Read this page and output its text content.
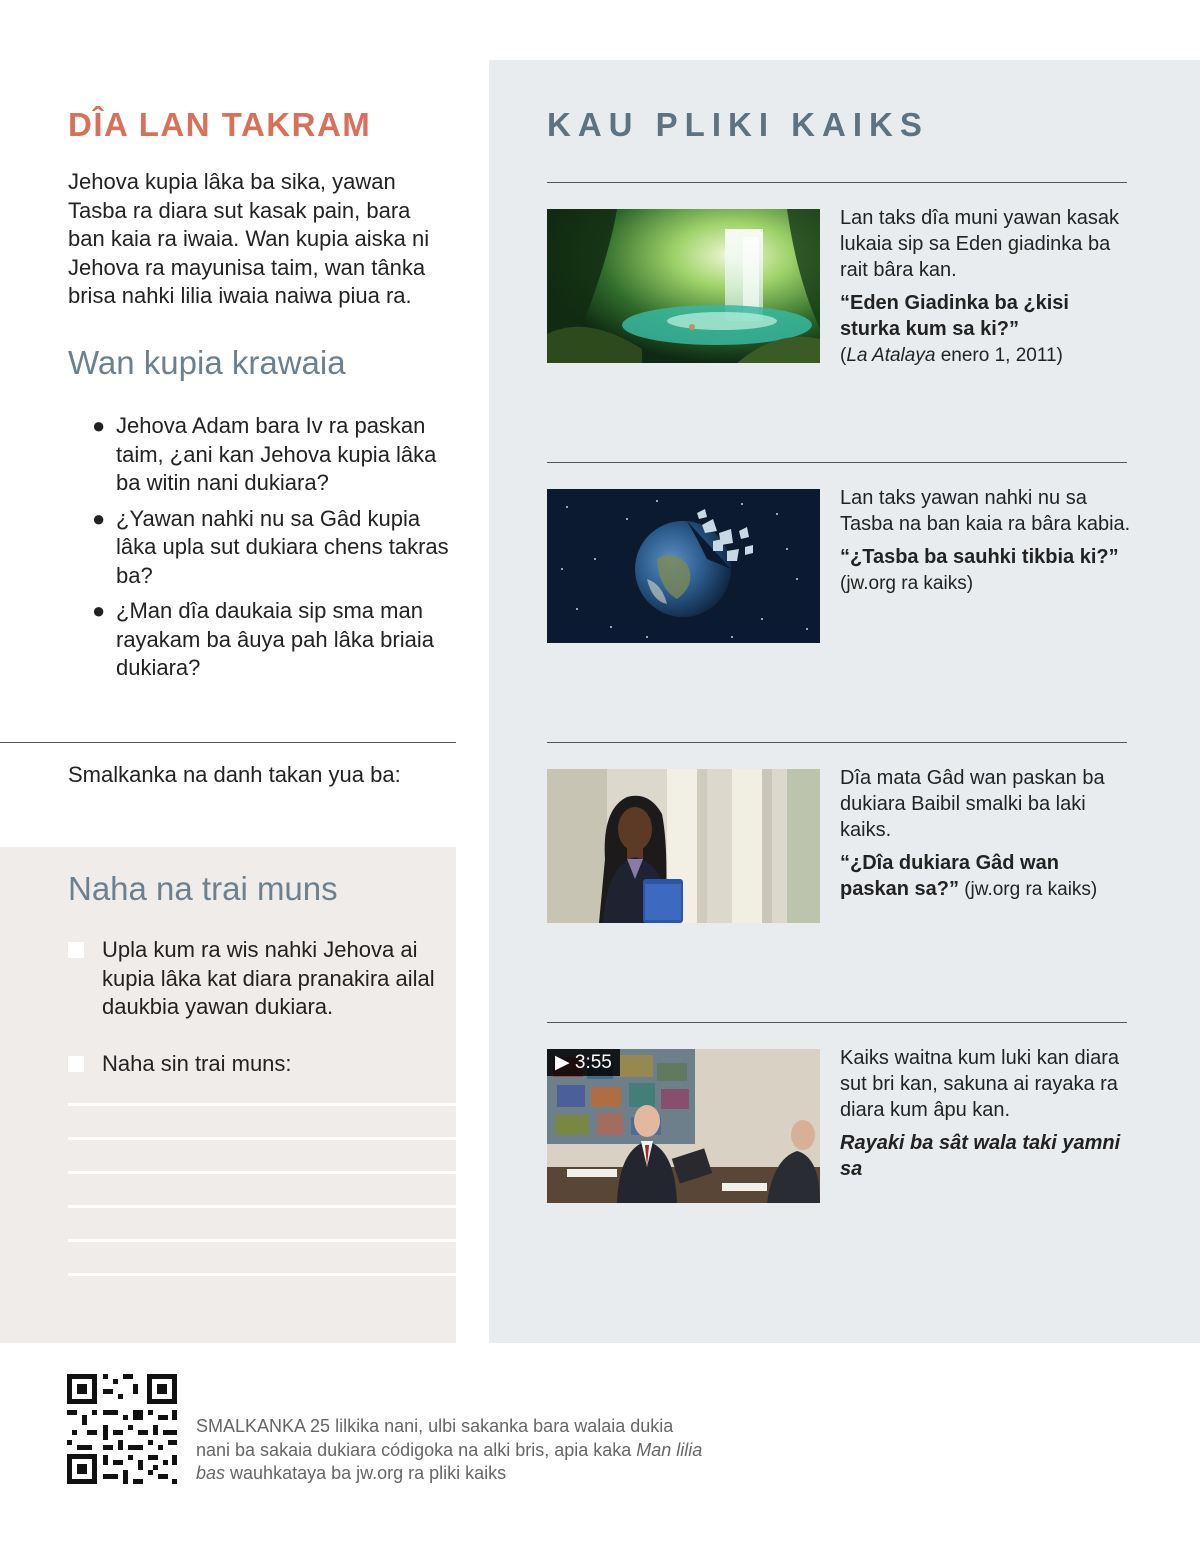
DÎA LAN TAKRAM

Jehova kupia lâka ba sika, yawan Tasba ra diara sut kasak pain, bara ban kaia ra iwaia. Wan kupia aiska ni Jehova ra mayunisa taim, wan tânka brisa nahki lilia iwaia naiwa piua ra.

Wan kupia krawaia
● Jehova Adam bara Iv ra paskan taim, ¿ani kan Jehova kupia lâka ba witin nani dukiara?
● ¿Yawan nahki nu sa Gâd kupia lâka upla sut dukiara chens takras ba?
● ¿Man dîa daukaia sip sma man rayakam ba âuya pah lâka briaia dukiara?

Smalkanka na danh takan yua ba:

Naha na trai muns
Upla kum ra wis nahki Jehova ai kupia lâka kat diara pranakira ailal daukbia yawan dukiara.
Naha sin trai muns:
KAU PLIKI KAIKS
Lan taks dîa muni yawan kasak lukaia sip sa Eden giadinka ba rait bâra kan.
“Eden Giadinka ba ¿kisi sturka kum sa ki?”
(La Atalaya enero 1, 2011)
Lan taks yawan nahki nu sa Tasba na ban kaia ra bâra kabia.
“¿Tasba ba sauhki tikbia ki?”
(jw.org ra kaiks)
Dîa mata Gâd wan paskan ba dukiara Baibil smalki ba laki kaiks.
“¿Dîa dukiara Gâd wan paskan sa?” (jw.org ra kaiks)
▶ 3:55	Kaiks waitna kum luki kan diara sut bri kan, sakuna ai rayaka ra diara kum âpu kan.
Rayaki ba sât wala taki yamni sa

SMALKANKA 25 lilkika nani, ulbi sakanka bara walaia dukia nani ba sakaia dukiara códigoka na alki bris, apia kaka Man lilia bas wauhkataya ba jw.org ra pliki kaiks
